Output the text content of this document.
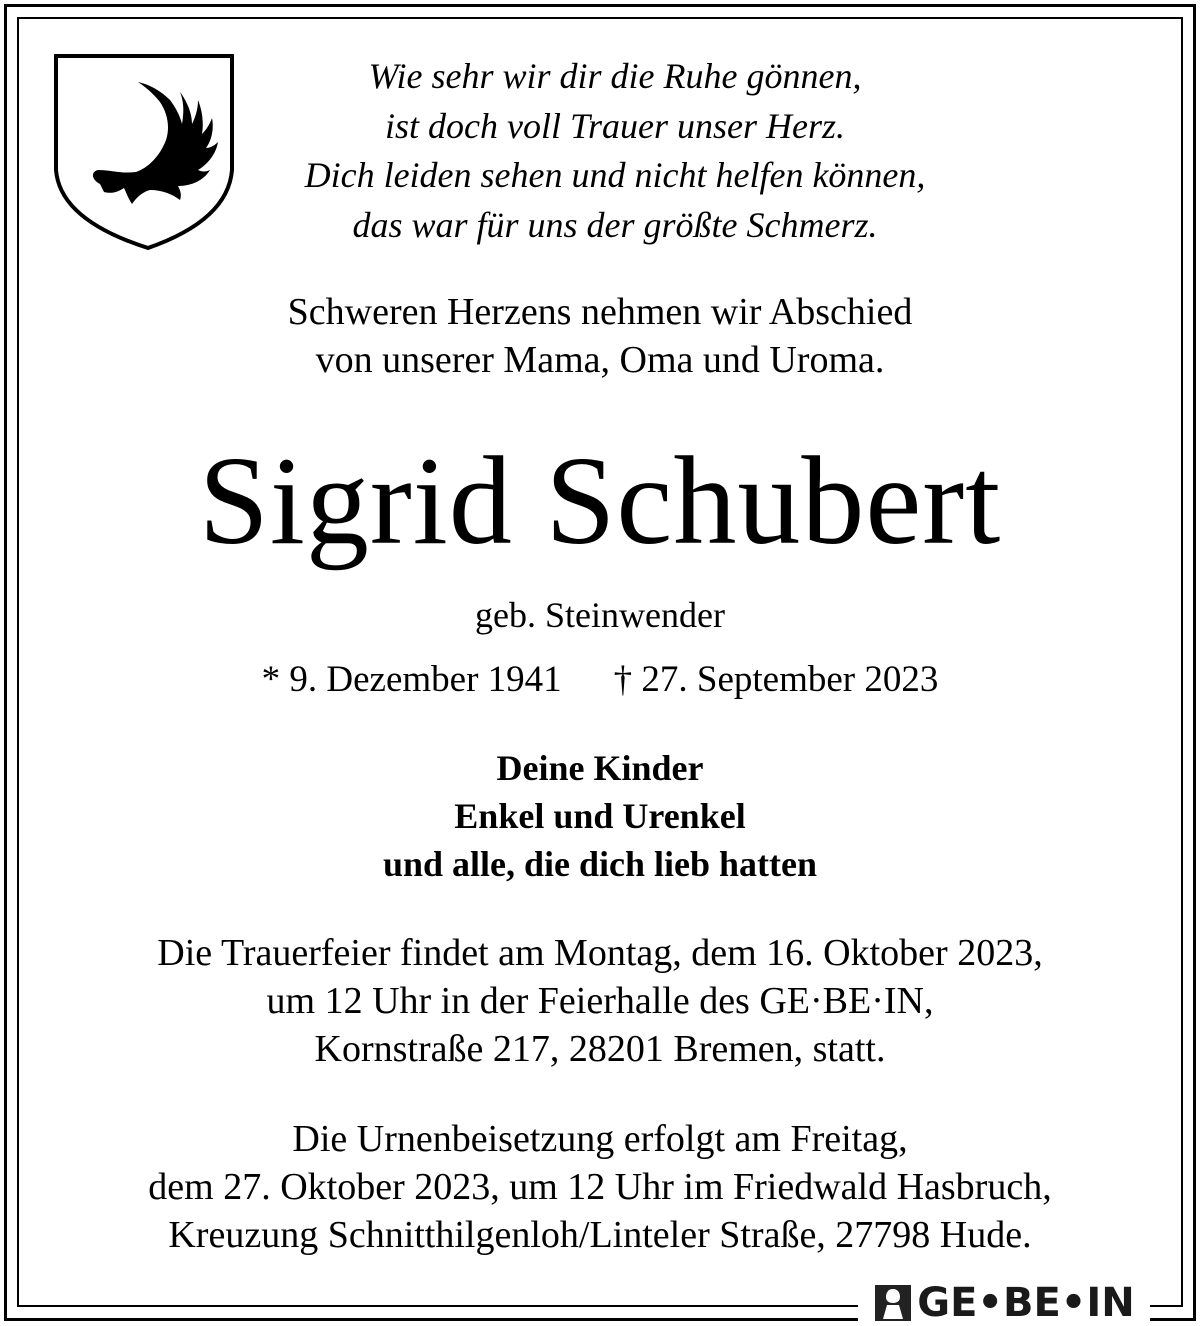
Wie sehr wir dir die Ruhe gönnen,
ist doch voll Trauer unser Herz.
Dich leiden sehen und nicht helfen können,
das war für uns der größte Schmerz.
Schweren Herzens nehmen wir Abschied
von unserer Mama, Oma und Uroma.
Sigrid Schubert
geb. Steinwender
* 9. Dezember 1941 † 27. September 2023
Deine Kinder
Enkel und Urenkel
und alle, die dich lieb hatten
Die Trauerfeier findet am Montag, dem 16. Oktober 2023,
um 12 Uhr in der Feierhalle des GE·BE·IN,
Kornstraße 217, 28201 Bremen, statt.
Die Urnenbeisetzung erfolgt am Freitag,
dem 27. Oktober 2023, um 12 Uhr im Friedwald Hasbruch,
Kreuzung Schnitthilgenloh/Linteler Straße, 27798 Hude.
GE•BE•IN
